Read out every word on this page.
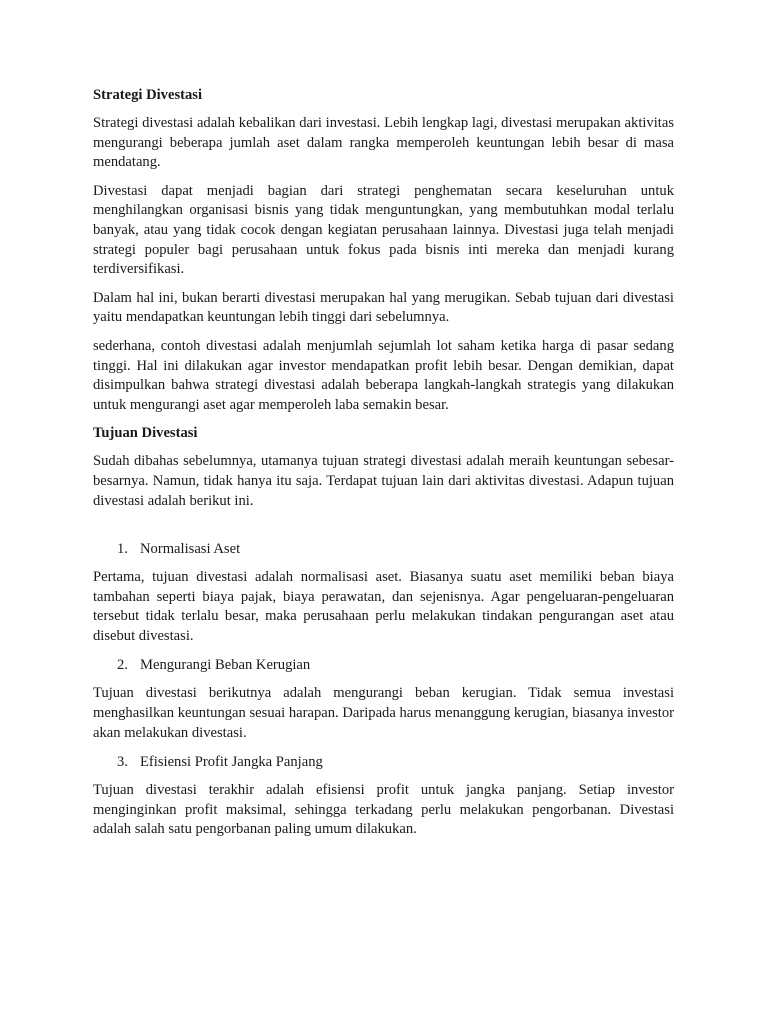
Strategi Divestasi

Strategi divestasi adalah kebalikan dari investasi. Lebih lengkap lagi, divestasi merupakan aktivitas mengurangi beberapa jumlah aset dalam rangka memperoleh keuntungan lebih besar di masa mendatang.

Divestasi dapat menjadi bagian dari strategi penghematan secara keseluruhan untuk menghilangkan organisasi bisnis yang tidak menguntungkan, yang membutuhkan modal terlalu banyak, atau yang tidak cocok dengan kegiatan perusahaan lainnya. Divestasi juga telah menjadi strategi populer bagi perusahaan untuk fokus pada bisnis inti mereka dan menjadi kurang terdiversifikasi.

Dalam hal ini, bukan berarti divestasi merupakan hal yang merugikan. Sebab tujuan dari divestasi yaitu mendapatkan keuntungan lebih tinggi dari sebelumnya.

sederhana, contoh divestasi adalah menjumlah sejumlah lot saham ketika harga di pasar sedang tinggi. Hal ini dilakukan agar investor mendapatkan profit lebih besar. Dengan demikian, dapat disimpulkan bahwa strategi divestasi adalah beberapa langkah-langkah strategis yang dilakukan untuk mengurangi aset agar memperoleh laba semakin besar.

Tujuan Divestasi

Sudah dibahas sebelumnya, utamanya tujuan strategi divestasi adalah meraih keuntungan sebesar-besarnya. Namun, tidak hanya itu saja. Terdapat tujuan lain dari aktivitas divestasi. Adapun tujuan divestasi adalah berikut ini.

1. Normalisasi Aset

Pertama, tujuan divestasi adalah normalisasi aset. Biasanya suatu aset memiliki beban biaya tambahan seperti biaya pajak, biaya perawatan, dan sejenisnya. Agar pengeluaran-pengeluaran tersebut tidak terlalu besar, maka perusahaan perlu melakukan tindakan pengurangan aset atau disebut divestasi.

2. Mengurangi Beban Kerugian

Tujuan divestasi berikutnya adalah mengurangi beban kerugian. Tidak semua investasi menghasilkan keuntungan sesuai harapan. Daripada harus menanggung kerugian, biasanya investor akan melakukan divestasi.

3. Efisiensi Profit Jangka Panjang

Tujuan divestasi terakhir adalah efisiensi profit untuk jangka panjang. Setiap investor menginginkan profit maksimal, sehingga terkadang perlu melakukan pengorbanan. Divestasi adalah salah satu pengorbanan paling umum dilakukan.
